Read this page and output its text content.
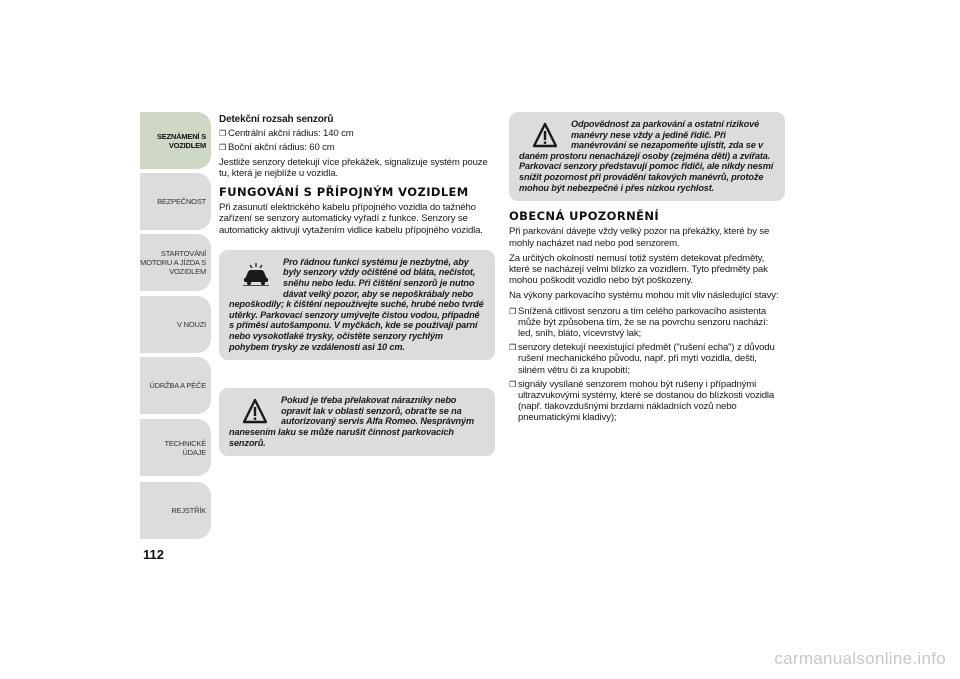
SEZNÁMENÍ S
VOZIDLEM
BEZPEČNOST
STARTOVÁNÍ
MOTORU A JÍZDA S
VOZIDLEM
V NOUZI
ÚDRŽBA A PÉČE
TECHNICKÉ ÚDAJE
REJSTŘÍK
112
Detekční rozsah senzorů
❐ Centrální akční rádius: 140 cm
❐ Boční akční rádius: 60 cm

Jestliže senzory detekují více překážek, signalizuje systém pouze tu, která je nejblíže u vozidla.

FUNGOVÁNÍ S PŘÍPOJNÝM VOZIDLEM

Při zasunutí elektrického kabelu přípojného vozidla do tažného zařízení se senzory automaticky vyřadí z funkce. Senzory se automaticky aktivují vytažením vidlice kabelu přípojného vozidla.

Pro řádnou funkci systému je nezbytné, aby byly senzory vždy očištěné od bláta, nečistot, sněhu nebo ledu. Při čištění senzorů je nutno dávat velký pozor, aby se nepoškrábaly nebo nepoškodily; k čištění nepoužívejte suché, hrubé nebo tvrdé utěrky. Parkovací senzory umývejte čistou vodou, případně s příměsí autošamponu. V myčkách, kde se používají parní nebo vysokotlaké trysky, očistěte senzory rychlým pohybem trysky ze vzdálenosti asi 10 cm.
Pokud je třeba přelakovat nárazníky nebo opravit lak v oblasti senzorů, obraťte se na autorizovaný servis Alfa Romeo. Nesprávným nanesením laku se může narušit činnost parkovacích senzorů.
Odpovědnost za parkování a ostatní rizikové manévry nese vždy a jedině řidič. Při manévrování se nezapomeňte ujistit, zda se v daném prostoru nenacházejí osoby (zejména děti) a zvířata. Parkovací senzory představují pomoc řidiči, ale nikdy nesmí snížit pozornost při provádění takových manévrů, protože mohou být nebezpečné i přes nízkou rychlost.
OBECNÁ UPOZORNĚNÍ

Při parkování dávejte vždy velký pozor na překážky, které by se mohly nacházet nad nebo pod senzorem.

Za určitých okolností nemusí totiž systém detekovat předměty, které se nacházejí velmi blízko za vozidlem. Tyto předměty pak mohou poškodit vozidlo nebo být poškozeny.

Na výkony parkovacího systému mohou mít vliv následující stavy:

❐ Snížená citlivost senzoru a tím celého parkovacího asistenta může být způsobena tím, že se na povrchu senzoru nachází: led, sníh, bláto, vícevrstvý lak;
❐ senzory detekují neexistující předmět ("rušení echa") z důvodu rušení mechanického původu, např. při mytí vozidla, dešti, silném větru či za krupobití;
❐ signály vysílané senzorem mohou být rušeny i případnými ultrazvukovými systémy, které se dostanou do blízkosti vozidla (např. tlakovzdušnými brzdami nákladních vozů nebo pneumatickými kladivy);
carmanualsonline.info
